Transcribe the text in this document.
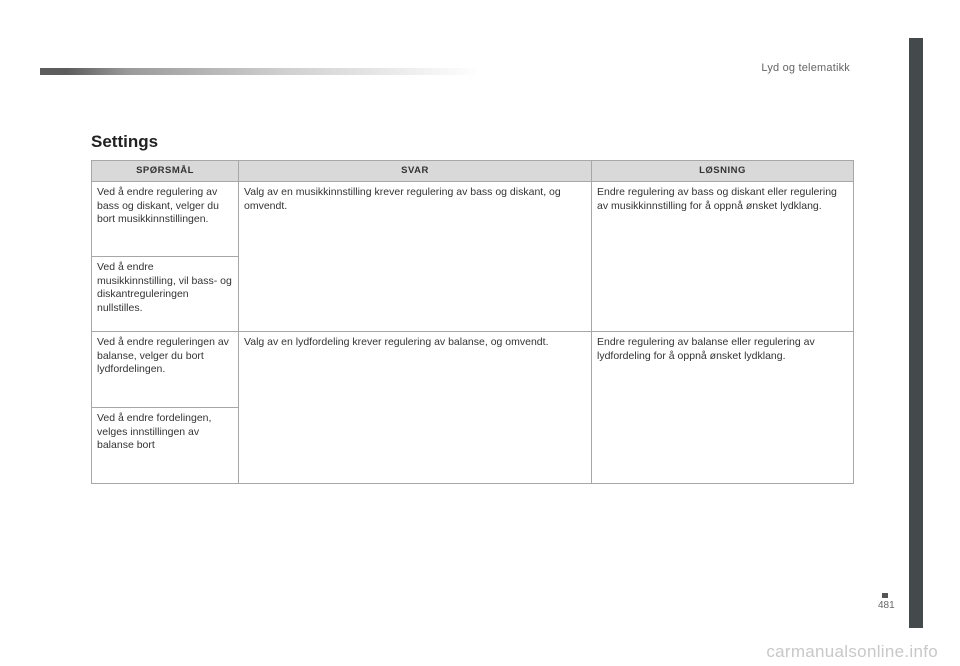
Lyd og telematikk
481
Settings
SPØRSMÅL	SVAR	LØSNING
Ved å endre regulering av bass og diskant, velger du bort musikkinnstillingen.	Valg av en musikkinnstilling krever regulering av bass og diskant, og omvendt.	Endre regulering av bass og diskant eller regulering av musikkinnstilling for å oppnå ønsket lydklang.
Ved å endre musikkinnstilling, vil bass- og diskantreguleringen nullstilles.		
Ved å endre reguleringen av balanse, velger du bort lydfordelingen.	Valg av en lydfordeling krever regulering av balanse, og omvendt.	Endre regulering av balanse eller regulering av lydfordeling for å oppnå ønsket lydklang.
Ved å endre fordelingen, velges innstillingen av balanse bort		
carmanualsonline.info
